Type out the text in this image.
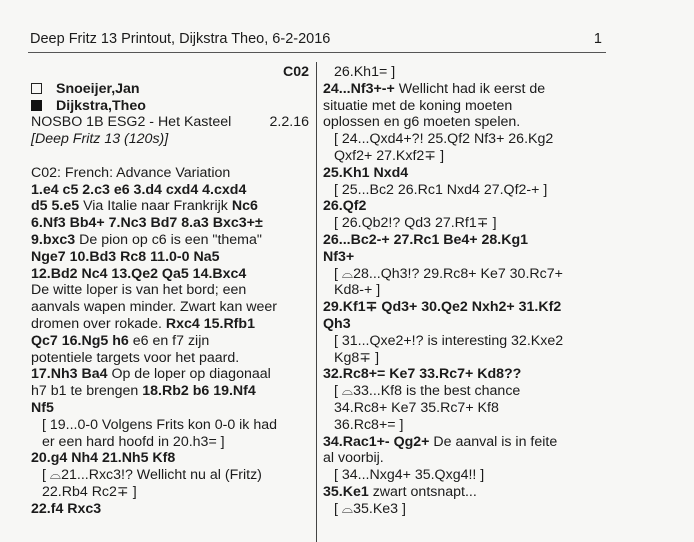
Deep Fritz 13 Printout, Dijkstra Theo, 6-2-2016	1
C02
Snoeijer,Jan
Dijkstra,Theo
NOSBO 1B ESG2 - Het Kasteel	2.2.16
[Deep Fritz 13 (120s)]
C02: French: Advance Variation
1.e4 c5 2.c3 e6 3.d4 cxd4 4.cxd4
d5 5.e5 Via Italie naar Frankrijk Nc6
6.Nf3 Bb4+ 7.Nc3 Bd7 8.a3 Bxc3+±
9.bxc3 De pion op c6 is een "thema"
Nge7 10.Bd3 Rc8 11.0-0 Na5
12.Bd2 Nc4 13.Qe2 Qa5 14.Bxc4
De witte loper is van het bord; een
aanvals wapen minder. Zwart kan weer
dromen over rokade. Rxc4 15.Rfb1
Qc7 16.Ng5 h6 e6 en f7 zijn
potentiele targets voor het paard.
17.Nh3 Ba4 Op de loper op diagonaal
h7 b1 te brengen 18.Rb2 b6 19.Nf4
Nf5
[ 19...0-0 Volgens Frits kon 0-0 ik had
er een hard hoofd in 20.h3= ]
20.g4 Nh4 21.Nh5 Kf8
[ ⌓21...Rxc3!? Wellicht nu al (Fritz)
22.Rb4 Rc2∓ ]
22.f4 Rxc3
26.Kh1= ]
24...Nf3+-+ Wellicht had ik eerst de
situatie met de koning moeten
oplossen en g6 moeten spelen.
[ 24...Qxd4+?! 25.Qf2 Nf3+ 26.Kg2
Qxf2+ 27.Kxf2∓ ]
25.Kh1 Nxd4
[ 25...Bc2 26.Rc1 Nxd4 27.Qf2-+ ]
26.Qf2
[ 26.Qb2!? Qd3 27.Rf1∓ ]
26...Bc2-+ 27.Rc1 Be4+ 28.Kg1
Nf3+
[ ⌓28...Qh3!? 29.Rc8+ Ke7 30.Rc7+
Kd8-+ ]
29.Kf1∓ Qd3+ 30.Qe2 Nxh2+ 31.Kf2
Qh3
[ 31...Qxe2+!? is interesting 32.Kxe2
Kg8∓ ]
32.Rc8+= Ke7 33.Rc7+ Kd8??
[ ⌓33...Kf8 is the best chance
34.Rc8+ Ke7 35.Rc7+ Kf8
36.Rc8+= ]
34.Rac1+- Qg2+ De aanval is in feite
al voorbij.
[ 34...Nxg4+ 35.Qxg4!! ]
35.Ke1 zwart ontsnapt...
[ ⌓35.Ke3 ]
